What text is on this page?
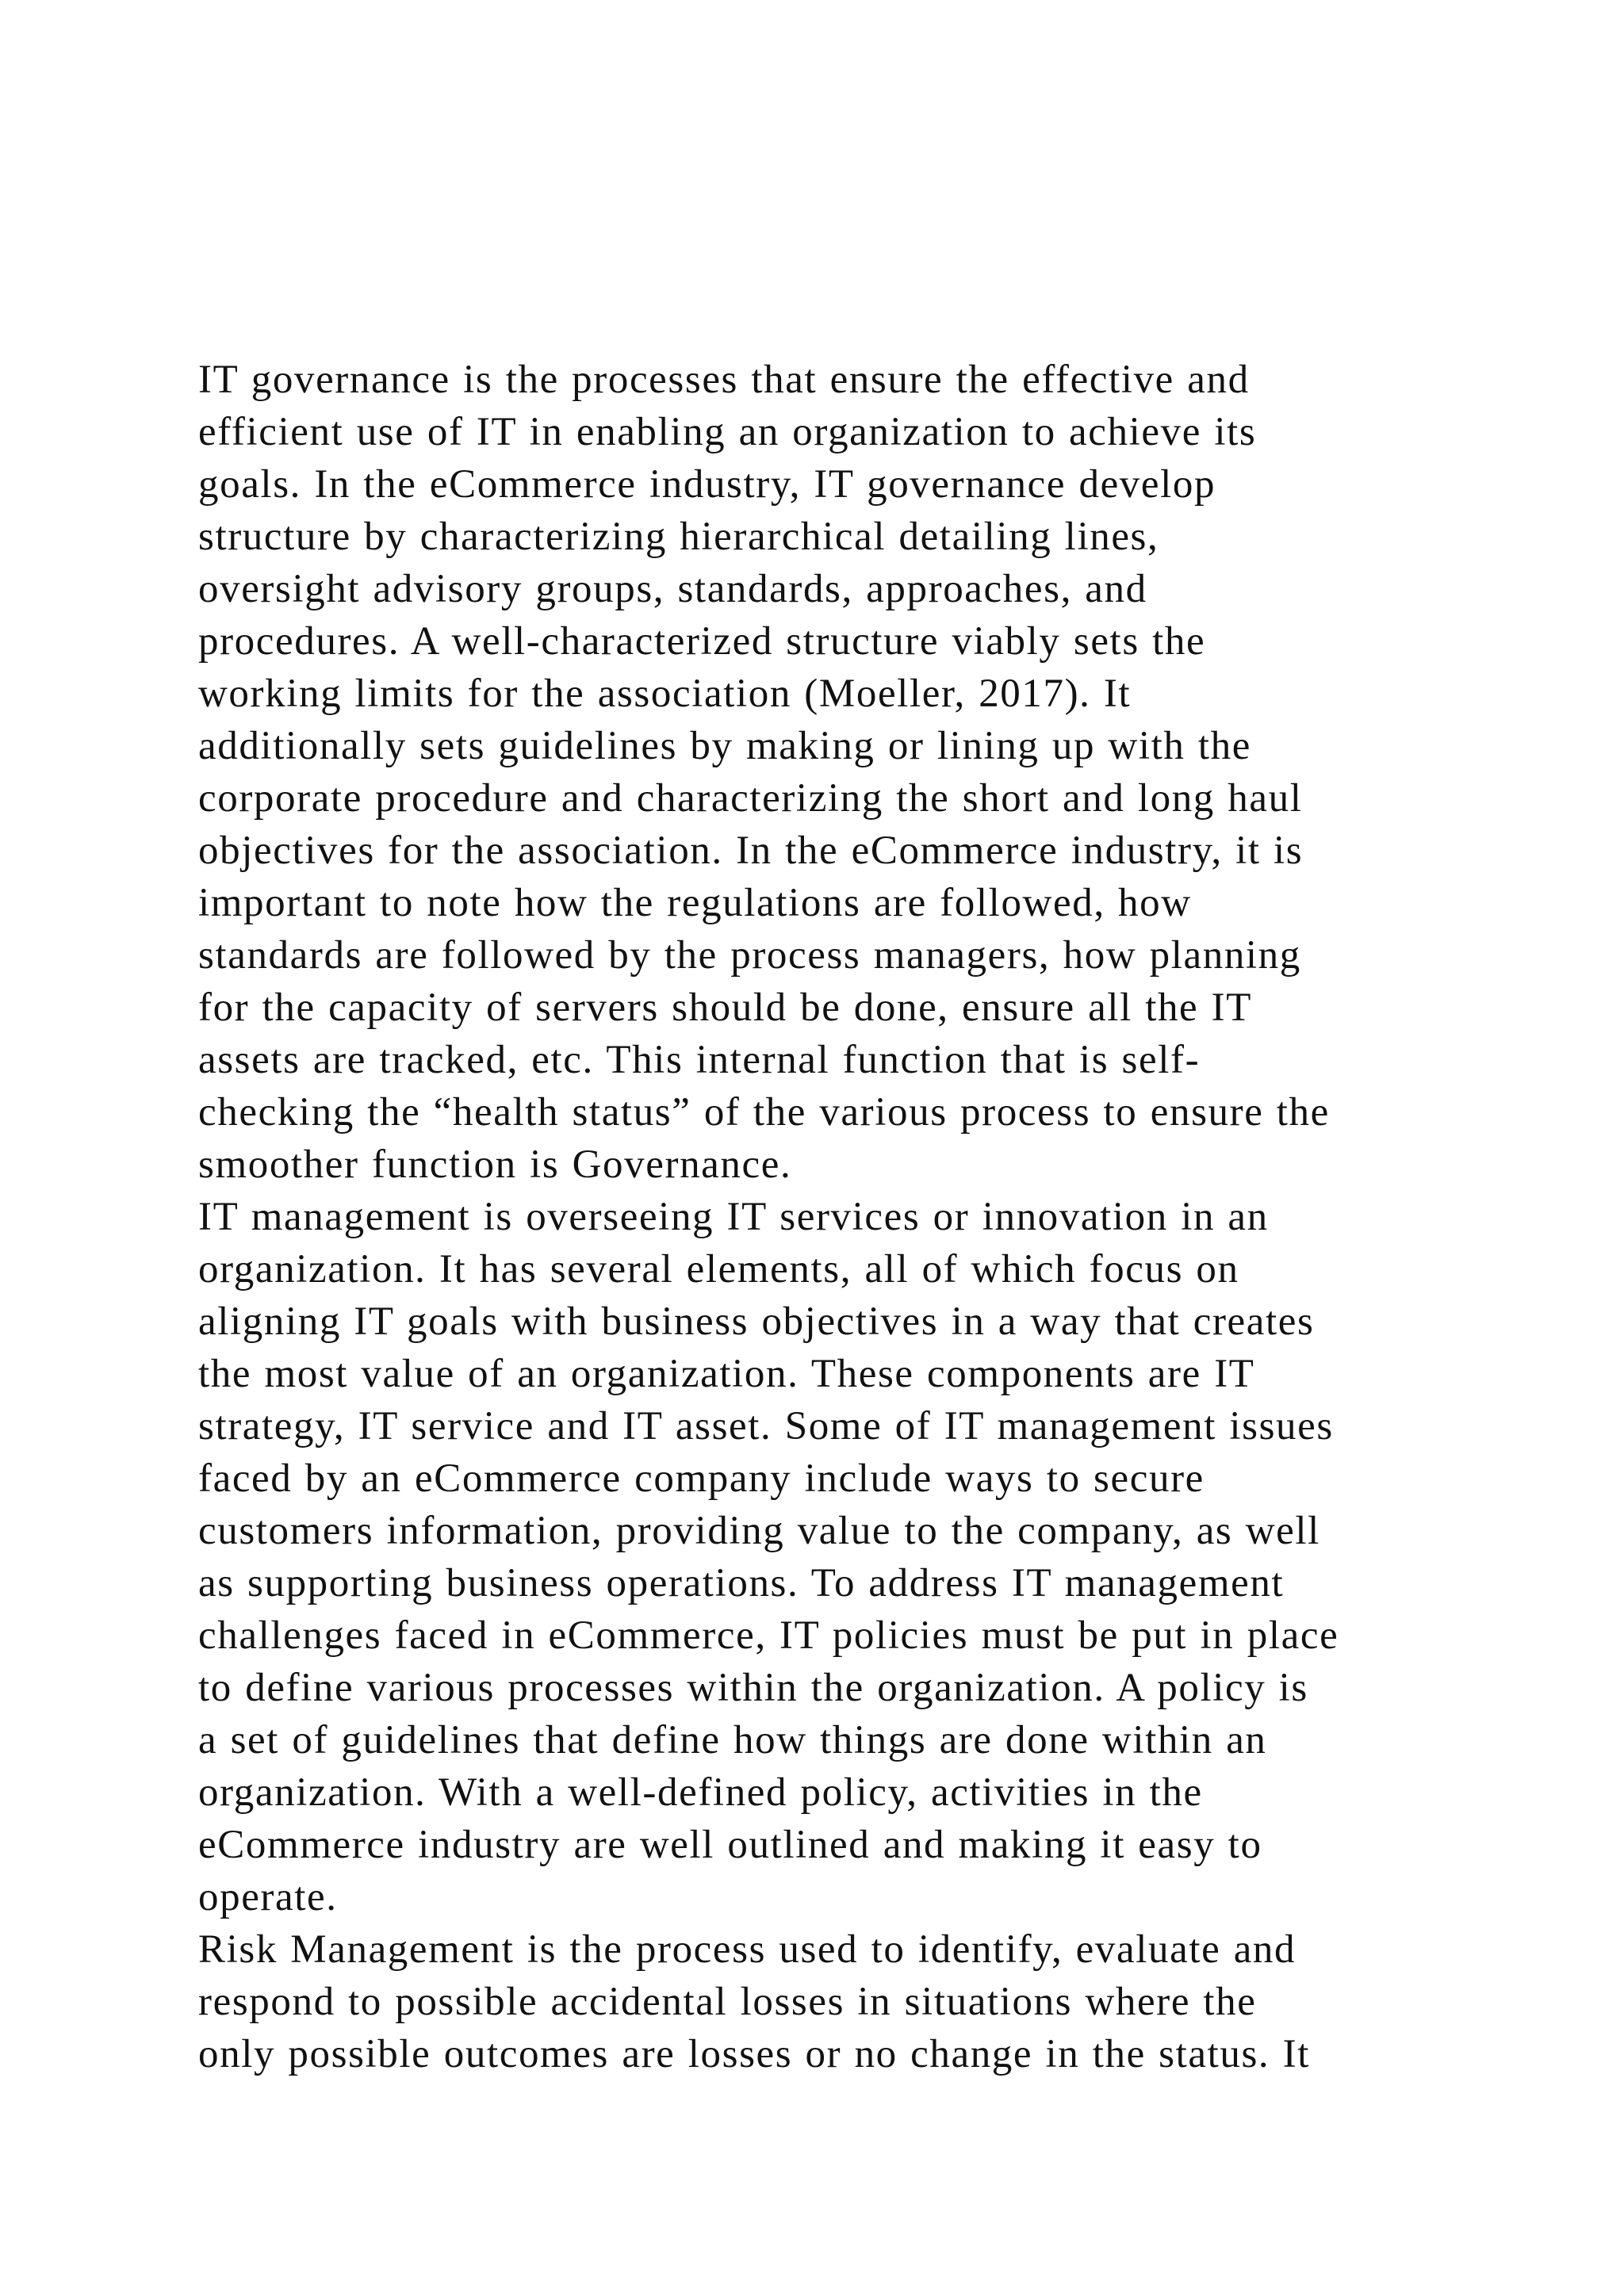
IT governance is the processes that ensure the effective and
efficient use of IT in enabling an organization to achieve its
goals. In the eCommerce industry, IT governance develop
structure by characterizing hierarchical detailing lines,
oversight advisory groups, standards, approaches, and
procedures. A well-characterized structure viably sets the
working limits for the association (Moeller, 2017). It
additionally sets guidelines by making or lining up with the
corporate procedure and characterizing the short and long haul
objectives for the association. In the eCommerce industry, it is
important to note how the regulations are followed, how
standards are followed by the process managers, how planning
for the capacity of servers should be done, ensure all the IT
assets are tracked, etc. This internal function that is self-
checking the “health status” of the various process to ensure the
smoother function is Governance.
IT management is overseeing IT services or innovation in an
organization. It has several elements, all of which focus on
aligning IT goals with business objectives in a way that creates
the most value of an organization. These components are IT
strategy, IT service and IT asset. Some of IT management issues
faced by an eCommerce company include ways to secure
customers information, providing value to the company, as well
as supporting business operations. To address IT management
challenges faced in eCommerce, IT policies must be put in place
to define various processes within the organization. A policy is
a set of guidelines that define how things are done within an
organization. With a well-defined policy, activities in the
eCommerce industry are well outlined and making it easy to
operate.
Risk Management is the process used to identify, evaluate and
respond to possible accidental losses in situations where the
only possible outcomes are losses or no change in the status. It
